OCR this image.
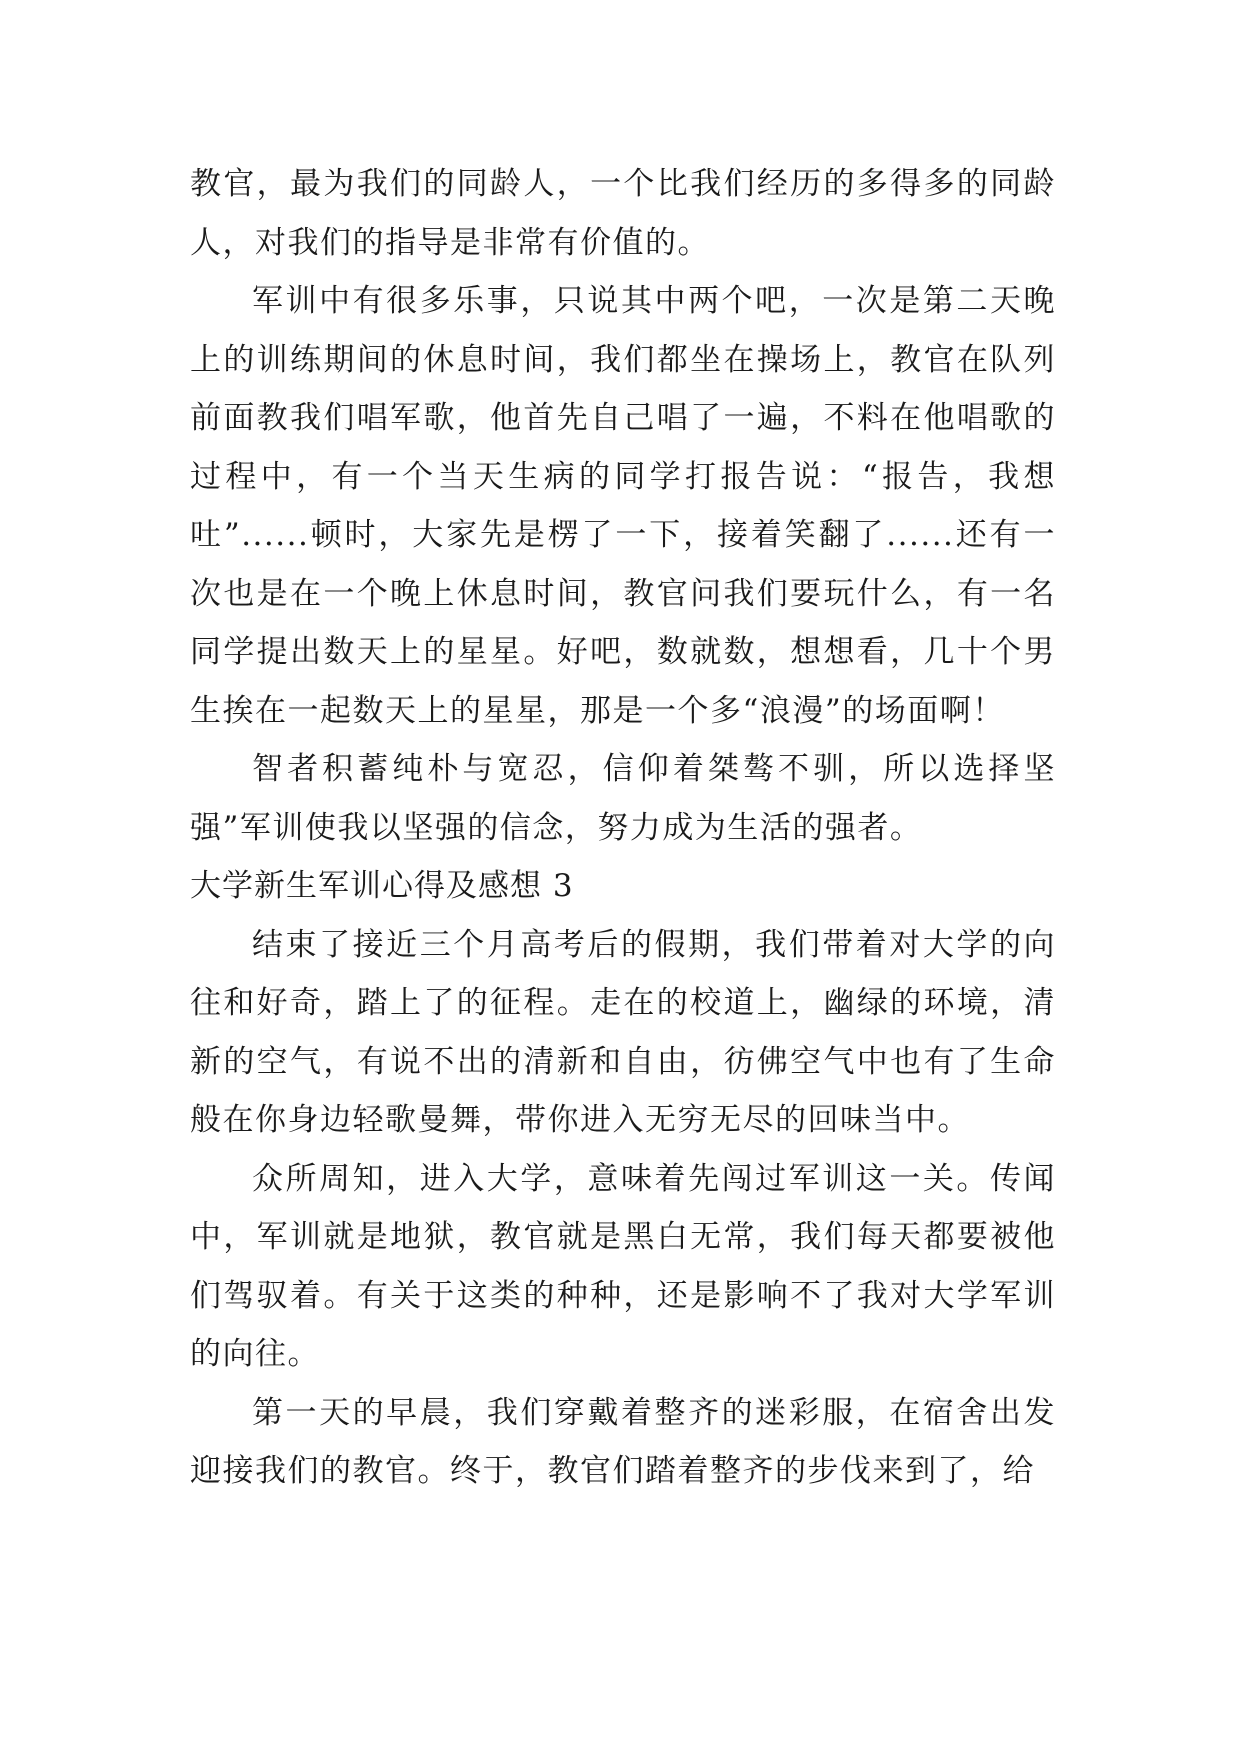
教官，最为我们的同龄人，一个比我们经历的多得多的同龄人，对我们的指导是非常有价值的。

军训中有很多乐事，只说其中两个吧，一次是第二天晚上的训练期间的休息时间，我们都坐在操场上，教官在队列前面教我们唱军歌，他首先自己唱了一遍，不料在他唱歌的过程中，有一个当天生病的同学打报告说：“报告，我想吐”......顿时，大家先是楞了一下，接着笑翻了......还有一次也是在一个晚上休息时间，教官问我们要玩什么，有一名同学提出数天上的星星。好吧，数就数，想想看，几十个男生挨在一起数天上的星星，那是一个多“浪漫”的场面啊！

智者积蓄纯朴与宽忍，信仰着桀骜不驯，所以选择坚强”军训使我以坚强的信念，努力成为生活的强者。

大学新生军训心得及感想 3

结束了接近三个月高考后的假期，我们带着对大学的向往和好奇，踏上了的征程。走在的校道上，幽绿的环境，清新的空气，有说不出的清新和自由，彷佛空气中也有了生命般在你身边轻歌曼舞，带你进入无穷无尽的回味当中。

众所周知，进入大学，意味着先闯过军训这一关。传闻中，军训就是地狱，教官就是黑白无常，我们每天都要被他们驾驭着。有关于这类的种种，还是影响不了我对大学军训的向往。

第一天的早晨，我们穿戴着整齐的迷彩服，在宿舍出发迎接我们的教官。终于，教官们踏着整齐的步伐来到了，给
